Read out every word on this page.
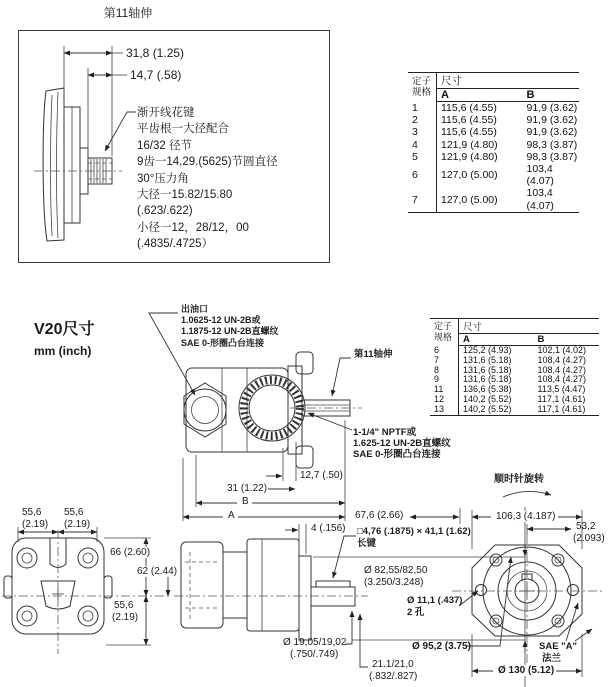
第11轴伸
31,8 (1.25)
14,7 (.58)
渐开线花键
平齿根一大径配合
16/32 径节
9齿一14,29.(5625)节圆直径
30°压力角
大径一15.82/15.80
(.623/.622)
小径一12，28/12，00
(.4835/.4725）
定子规格	尺寸	
	A	B
1	115,6 (4.55)	91,9 (3.62)
2	115,6 (4.55)	91,9 (3.62)
3	115,6 (4.55)	91,9 (3.62)
4	121,9 (4.80)	98,3 (3.87)
5	121,9 (4.80)	98,3 (3.87)
6	127,0 (5.00)	103,4 (4.07)
7	127,0 (5.00)	103,4 (4.07)
定子规格	尺寸	
	A	B
6	125,2 (4.93)	102,1 (4.02)
7	131,6 (5.18)	108,4 (4.27)
8	131,6 (5.18)	108,4 (4.27)
9	131,6 (5.18)	108,4 (4.27)
11	136,6 (5.38)	113,5 (4.47)
12	140,2 (5.52)	117,1 (4.61)
13	140,2 (5.52)	117,1 (4.61)
V20尺寸
mm (inch)
出油口
1.0625-12 UN-2B或
1.1875-12 UN-2B直螺纹
SAE 0-形圈凸台连接
第11轴伸
1-1/4" NPTF或
1.625-12 UN-2B直螺纹
SAE 0-形圈凸台连接
12,7 (.50)
31 (1.22)
B
A	67,6 (2.66)	106,3 (4.187)
4 (.156) □4,76 (.1875) × 41,1 (1.62)
长键
53,2
(2.093)
顺时针旋转
55,6
(2.19)
55,6
(2.19)
66 (2.60)
62 (2.44)
55,6
(2.19)
Ø 82,55/82,50
(3.250/3.248)
Ø 19,05/19,02
(.750/.749)
21.1/21,0
(.832/.827)
Ø 11,1 (.437)
2 孔
Ø 95,2 (3.75)
Ø 130 (5.12)
SAE "A"
法兰
